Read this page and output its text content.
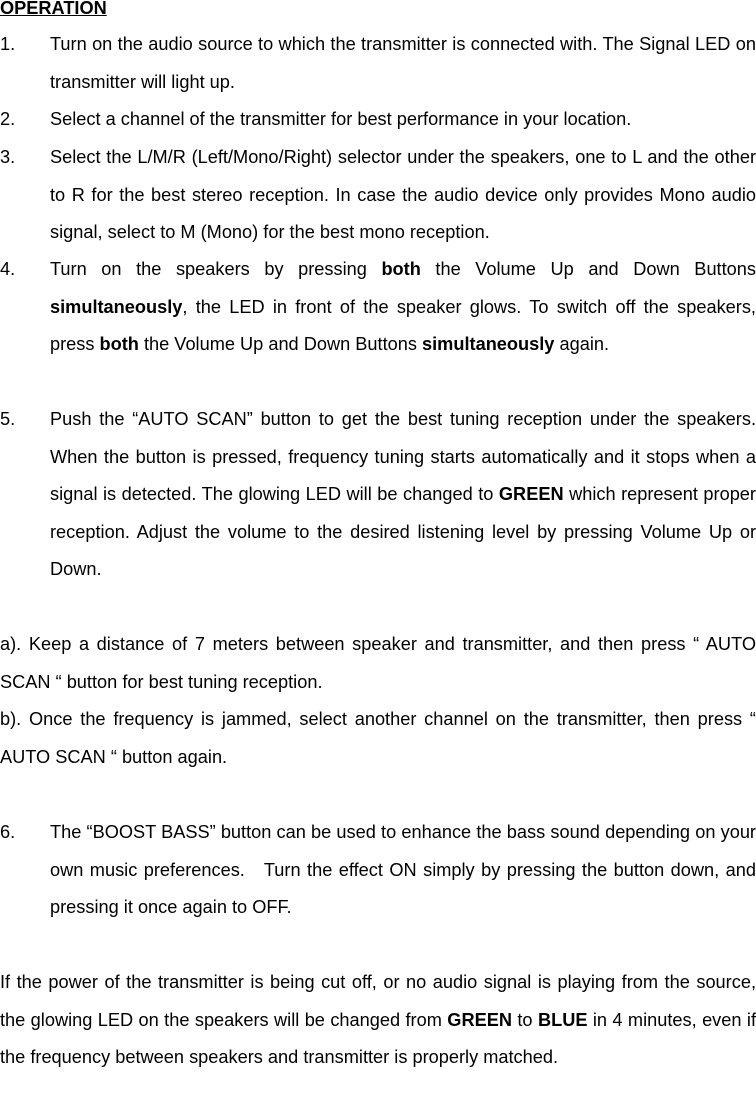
OPERATION
1. Turn on the audio source to which the transmitter is connected with. The Signal LED on transmitter will light up.
2. Select a channel of the transmitter for best performance in your location.
3. Select the L/M/R (Left/Mono/Right) selector under the speakers, one to L and the other to R for the best stereo reception. In case the audio device only provides Mono audio signal, select to M (Mono) for the best mono reception.
4. Turn on the speakers by pressing both the Volume Up and Down Buttons simultaneously, the LED in front of the speaker glows. To switch off the speakers, press both the Volume Up and Down Buttons simultaneously again.
5. Push the “AUTO SCAN” button to get the best tuning reception under the speakers. When the button is pressed, frequency tuning starts automatically and it stops when a signal is detected. The glowing LED will be changed to GREEN which represent proper reception. Adjust the volume to the desired listening level by pressing Volume Up or Down.
a). Keep a distance of 7 meters between speaker and transmitter, and then press “ AUTO SCAN “ button for best tuning reception.
b). Once the frequency is jammed, select another channel on the transmitter, then press “ AUTO SCAN “ button again.
6. The “BOOST BASS” button can be used to enhance the bass sound depending on your own music preferences.   Turn the effect ON simply by pressing the button down, and pressing it once again to OFF.
If the power of the transmitter is being cut off, or no audio signal is playing from the source, the glowing LED on the speakers will be changed from GREEN to BLUE in 4 minutes, even if the frequency between speakers and transmitter is properly matched.
